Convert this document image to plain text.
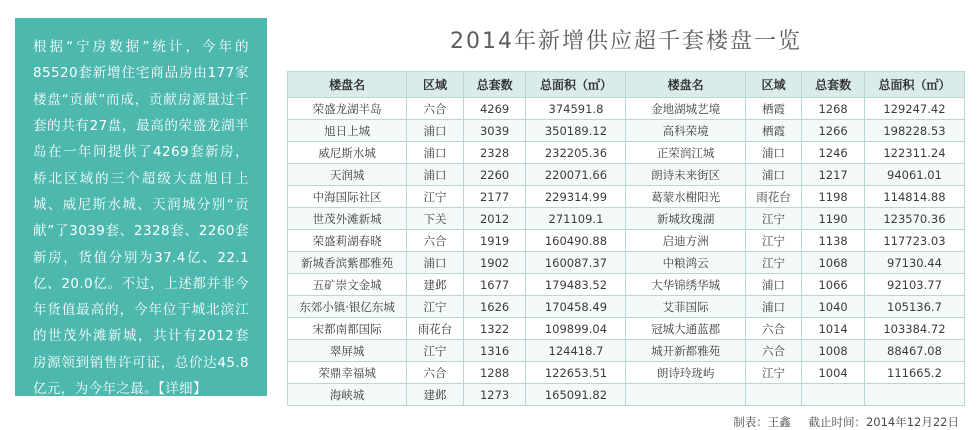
根据“宁房数据”统计，今年的85520套新增住宅商品房由177家楼盘“贡献”而成，贡献房源量过千套的共有27盘，最高的荣盛龙湖半岛在一年间提供了4269套新房，桥北区域的三个超级大盘旭日上城、威尼斯水城、天润城分别“贡献”了3039套、2328套、2260套新房，货值分别为37.4亿、22.1亿、20.0亿。不过，上述都并非今年货值最高的，今年位于城北滨江的世茂外滩新城，共计有2012套房源领到销售许可证，总价达45.8亿元，为今年之最。【详细】
2014年新增供应超千套楼盘一览
楼盘名	区域	总套数	总面积（㎡）	楼盘名	区域	总套数	总面积（㎡）
荣盛龙湖半岛	六合	4269	374591.8	金地湖城艺境	栖霞	1268	129247.42
旭日上城	浦口	3039	350189.12	高科荣境	栖霞	1266	198228.53
威尼斯水城	浦口	2328	232205.36	正荣润江城	浦口	1246	122311.24
天润城	浦口	2260	220071.66	朗诗未来街区	浦口	1217	94061.01
中海国际社区	江宁	2177	229314.99	葛蒙水榭阳光	雨花台	1198	114814.88
世茂外滩新城	下关	2012	271109.1	新城玫瑰湖	江宁	1190	123570.36
荣盛莉湖春晓	六合	1919	160490.88	启迪方洲	江宁	1138	117723.03
新城香滨紫郡雅苑	浦口	1902	160087.37	中粮鸿云	江宁	1068	97130.44
五矿崇文金城	建邺	1677	179483.52	大华锦绣华城	浦口	1066	92103.77
东郊小镇·银亿东城	江宁	1626	170458.49	艾菲国际	浦口	1040	105136.7
宋都南都国际	雨花台	1322	109899.04	冠城大通蓝郡	六合	1014	103384.72
翠屏城	江宁	1316	124418.7	城开新都雅苑	六合	1008	88467.08
荣鼎幸福城	六合	1288	122653.51	朗诗玲珑屿	江宁	1004	111665.2
海峡城	建邺	1273	165091.82				
制表：王鑫 截止时间：2014年12月22日
